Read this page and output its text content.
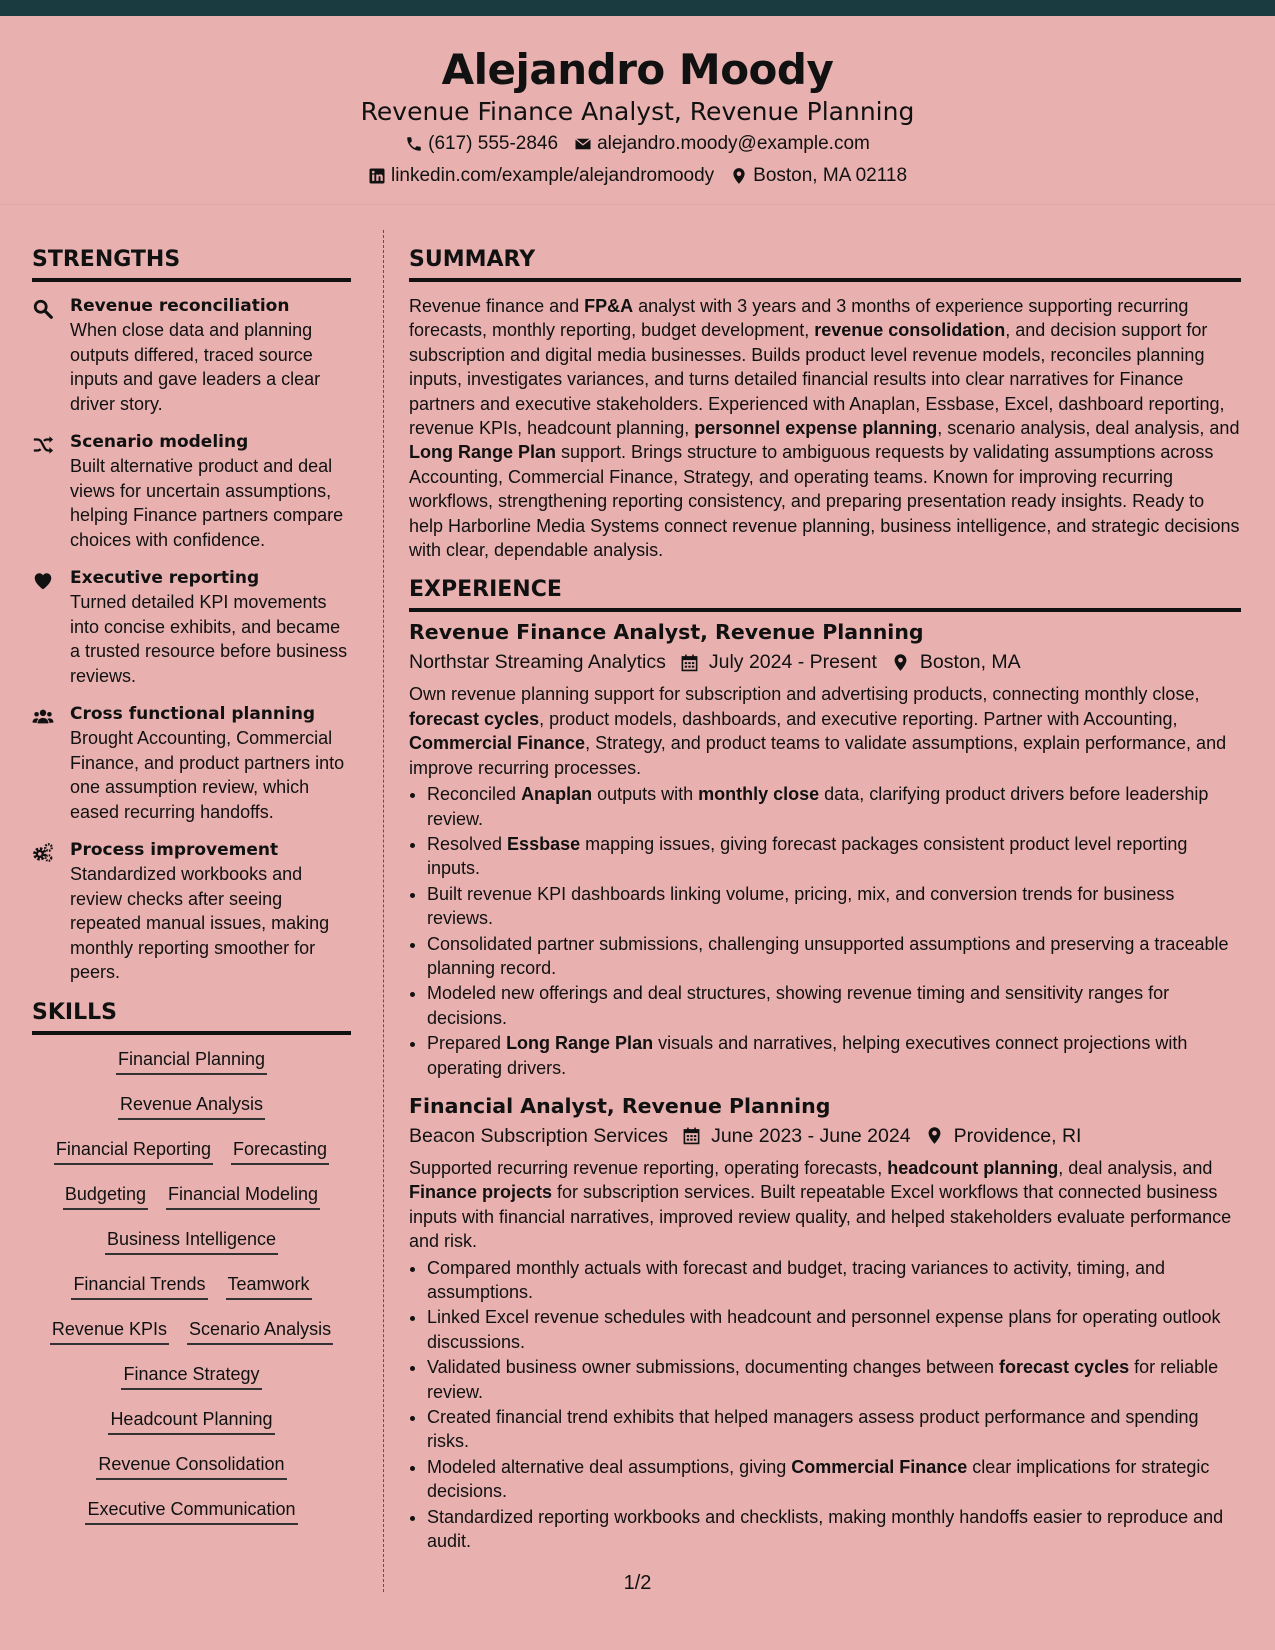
Alejandro Moody
Revenue Finance Analyst, Revenue Planning
(617) 555-2846 alejandro.moody@example.com
linkedin.com/example/alejandromoody Boston, MA 02118
STRENGTHS
Revenue reconciliation
When close data and planning outputs differed, traced source inputs and gave leaders a clear driver story.
Scenario modeling
Built alternative product and deal views for uncertain assumptions, helping Finance partners compare choices with confidence.
Executive reporting
Turned detailed KPI movements into concise exhibits, and became a trusted resource before business reviews.
Cross functional planning
Brought Accounting, Commercial Finance, and product partners into one assumption review, which eased recurring handoffs.
Process improvement
Standardized workbooks and review checks after seeing repeated manual issues, making monthly reporting smoother for peers.
SKILLS
Financial Planning
Revenue Analysis
Financial Reporting Forecasting
Budgeting Financial Modeling
Business Intelligence
Financial Trends Teamwork
Revenue KPIs Scenario Analysis
Finance Strategy
Headcount Planning
Revenue Consolidation
Executive Communication
SUMMARY

Revenue finance and FP&A analyst with 3 years and 3 months of experience supporting recurring forecasts, monthly reporting, budget development, revenue consolidation, and decision support for subscription and digital media businesses. Builds product level revenue models, reconciles planning inputs, investigates variances, and turns detailed financial results into clear narratives for Finance partners and executive stakeholders. Experienced with Anaplan, Essbase, Excel, dashboard reporting, revenue KPIs, headcount planning, personnel expense planning, scenario analysis, deal analysis, and Long Range Plan support. Brings structure to ambiguous requests by validating assumptions across Accounting, Commercial Finance, Strategy, and operating teams. Known for improving recurring workflows, strengthening reporting consistency, and preparing presentation ready insights. Ready to help Harborline Media Systems connect revenue planning, business intelligence, and strategic decisions with clear, dependable analysis.

EXPERIENCE
Revenue Finance Analyst, Revenue Planning
Northstar Streaming Analytics July 2024 - Present Boston, MA

Own revenue planning support for subscription and advertising products, connecting monthly close, forecast cycles, product models, dashboards, and executive reporting. Partner with Accounting, Commercial Finance, Strategy, and product teams to validate assumptions, explain performance, and improve recurring processes.

• Reconciled Anaplan outputs with monthly close data, clarifying product drivers before leadership review.
• Resolved Essbase mapping issues, giving forecast packages consistent product level reporting inputs.
• Built revenue KPI dashboards linking volume, pricing, mix, and conversion trends for business reviews.
• Consolidated partner submissions, challenging unsupported assumptions and preserving a traceable planning record.
• Modeled new offerings and deal structures, showing revenue timing and sensitivity ranges for decisions.
• Prepared Long Range Plan visuals and narratives, helping executives connect projections with operating drivers.
Financial Analyst, Revenue Planning
Beacon Subscription Services June 2023 - June 2024 Providence, RI

Supported recurring revenue reporting, operating forecasts, headcount planning, deal analysis, and Finance projects for subscription services. Built repeatable Excel workflows that connected business inputs with financial narratives, improved review quality, and helped stakeholders evaluate performance and risk.

• Compared monthly actuals with forecast and budget, tracing variances to activity, timing, and assumptions.
• Linked Excel revenue schedules with headcount and personnel expense plans for operating outlook discussions.
• Validated business owner submissions, documenting changes between forecast cycles for reliable review.
• Created financial trend exhibits that helped managers assess product performance and spending risks.
• Modeled alternative deal assumptions, giving Commercial Finance clear implications for strategic decisions.
• Standardized reporting workbooks and checklists, making monthly handoffs easier to reproduce and audit.
1/2
